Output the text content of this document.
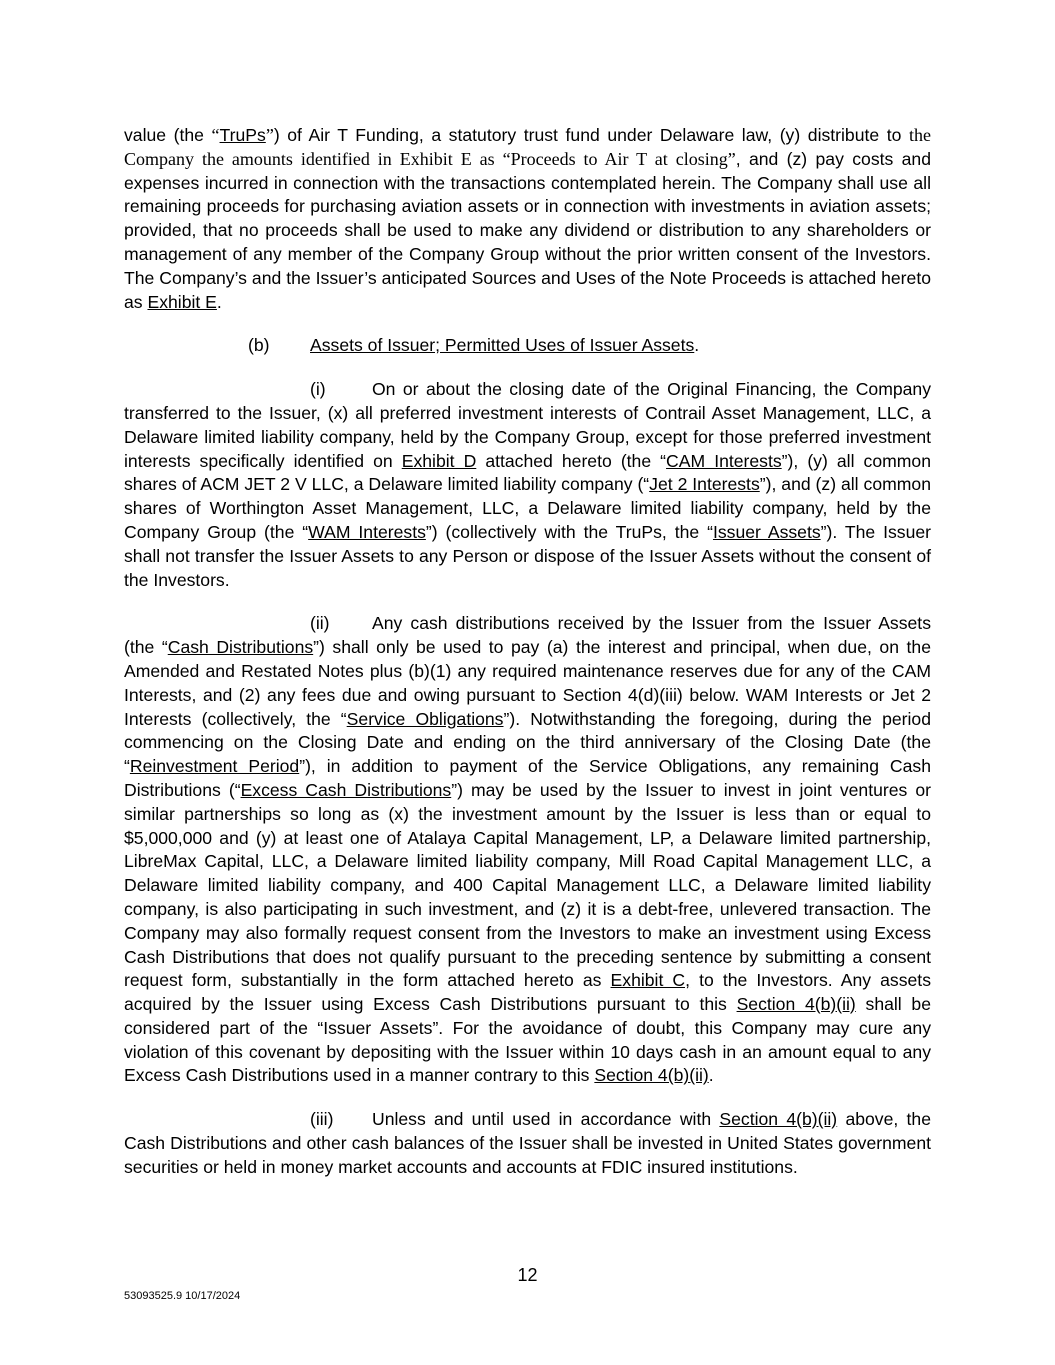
value (the “TruPs”) of Air T Funding, a statutory trust fund under Delaware law, (y) distribute to the Company the amounts identified in Exhibit E as “Proceeds to Air T at closing”, and (z) pay costs and expenses incurred in connection with the transactions contemplated herein. The Company shall use all remaining proceeds for purchasing aviation assets or in connection with investments in aviation assets; provided, that no proceeds shall be used to make any dividend or distribution to any shareholders or management of any member of the Company Group without the prior written consent of the Investors. The Company’s and the Issuer’s anticipated Sources and Uses of the Note Proceeds is attached hereto as Exhibit E.

(b) Assets of Issuer; Permitted Uses of Issuer Assets.

(i)	On or about the closing date of the Original Financing, the Company transferred to the Issuer, (x) all preferred investment interests of Contrail Asset Management, LLC, a Delaware limited liability company, held by the Company Group, except for those preferred investment interests specifically identified on Exhibit D attached hereto (the “CAM Interests”), (y) all common shares of ACM JET 2 V LLC, a Delaware limited liability company (“Jet 2 Interests”), and (z) all common shares of Worthington Asset Management, LLC, a Delaware limited liability company, held by the Company Group (the “WAM Interests”) (collectively with the TruPs, the “Issuer Assets”). The Issuer shall not transfer the Issuer Assets to any Person or dispose of the Issuer Assets without the consent of the Investors.

(ii) Any cash distributions received by the Issuer from the Issuer Assets (the “Cash Distributions”) shall only be used to pay (a) the interest and principal, when due, on the Amended and Restated Notes plus (b)(1) any required maintenance reserves due for any of the CAM Interests, and (2) any fees due and owing pursuant to Section 4(d)(iii) below. WAM Interests or Jet 2 Interests (collectively, the “Service Obligations”). Notwithstanding the foregoing, during the period commencing on the Closing Date and ending on the third anniversary of the Closing Date (the “Reinvestment Period”), in addition to payment of the Service Obligations, any remaining Cash Distributions (“Excess Cash Distributions”) may be used by the Issuer to invest in joint ventures or similar partnerships so long as (x) the investment amount by the Issuer is less than or equal to $5,000,000 and (y) at least one of Atalaya Capital Management, LP, a Delaware limited partnership, LibreMax Capital, LLC, a Delaware limited liability company, Mill Road Capital Management LLC, a Delaware limited liability company, and 400 Capital Management LLC, a Delaware limited liability company, is also participating in such investment, and (z) it is a debt-free, unlevered transaction. The Company may also formally request consent from the Investors to make an investment using Excess Cash Distributions that does not qualify pursuant to the preceding sentence by submitting a consent request form, substantially in the form attached hereto as Exhibit C, to the Investors. Any assets acquired by the Issuer using Excess Cash Distributions pursuant to this Section 4(b)(ii) shall be considered part of the “Issuer Assets”. For the avoidance of doubt, this Company may cure any violation of this covenant by depositing with the Issuer within 10 days cash in an amount equal to any Excess Cash Distributions used in a manner contrary to this Section 4(b)(ii).

(iii) Unless and until used in accordance with Section 4(b)(ii) above, the Cash Distributions and other cash balances of the Issuer shall be invested in United States government securities or held in money market accounts and accounts at FDIC insured institutions.

12
53093525.9 10/17/2024
